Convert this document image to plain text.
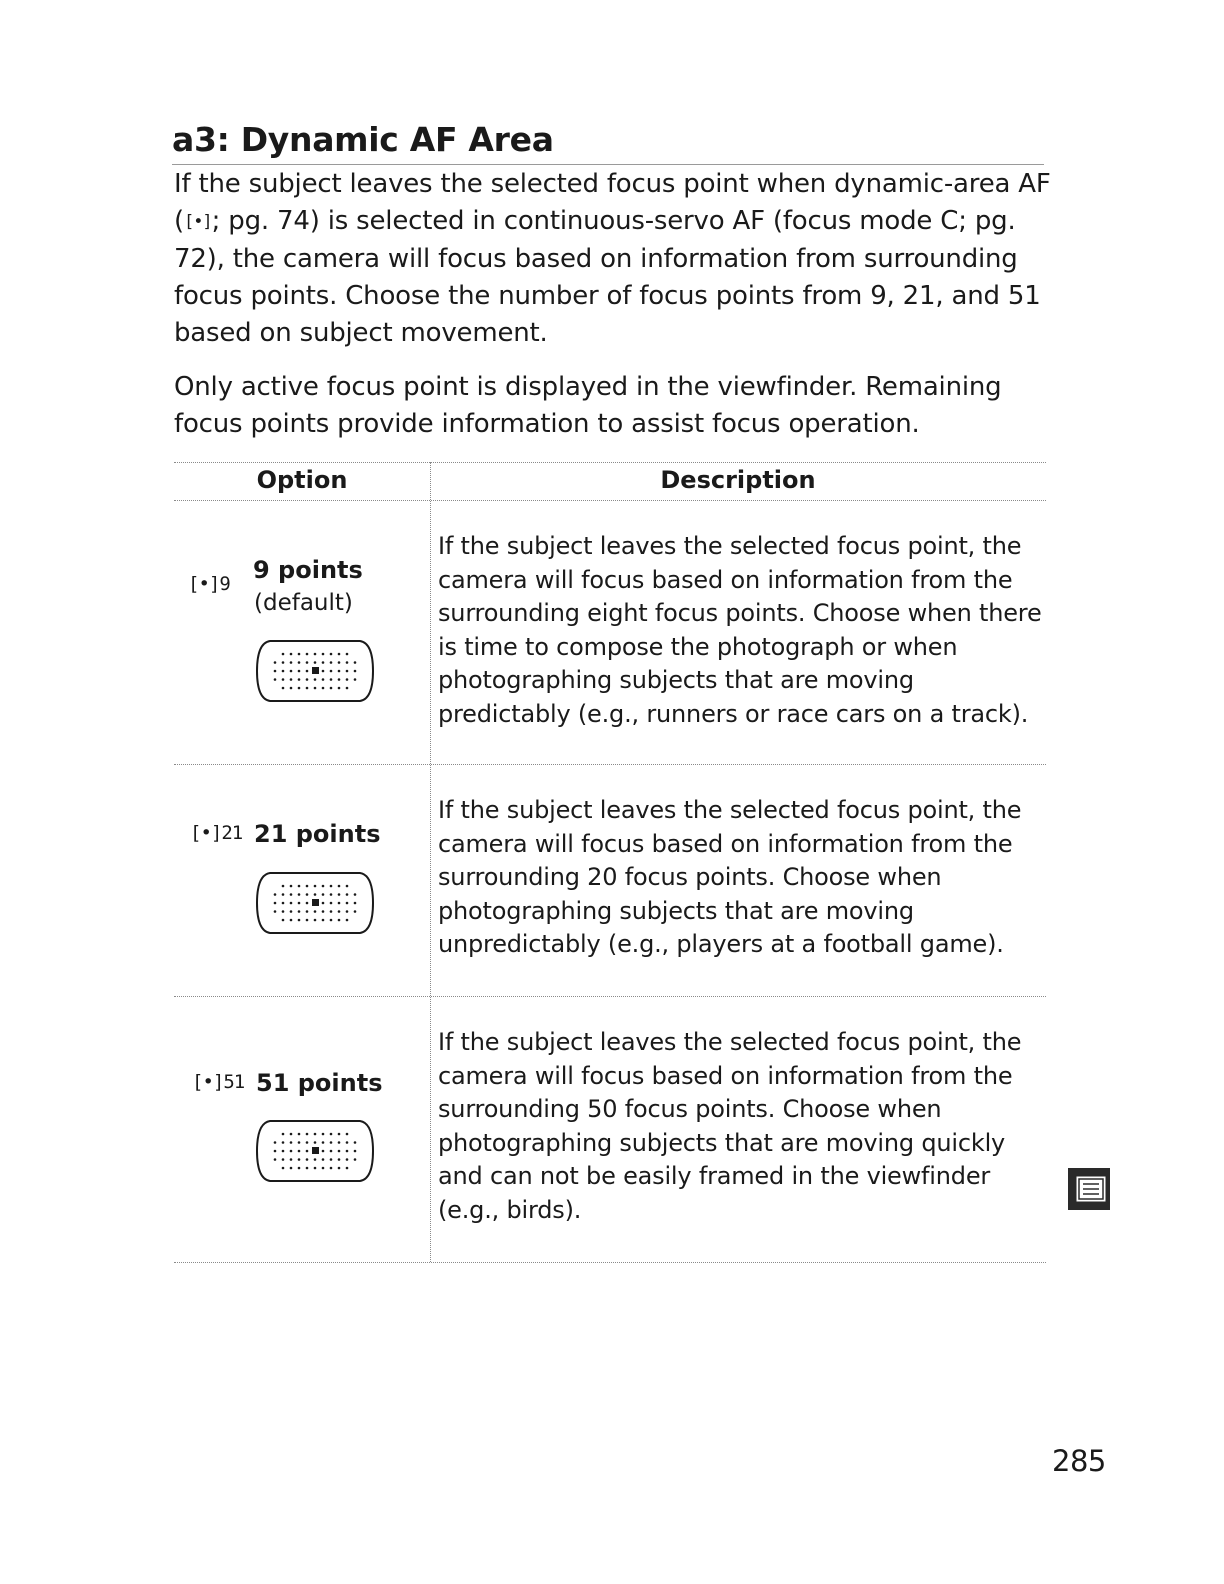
a3: Dynamic AF Area

If the subject leaves the selected focus point when dynamic-area AF ([•]; pg. 74) is selected in continuous-servo AF (focus mode C; pg. 72), the camera will focus based on information from surrounding focus points. Choose the number of focus points from 9, 21, and 51 based on subject movement.

Only active focus point is displayed in the viewfinder. Remaining focus points provide information to assist focus operation.

Option	Description
[•]9 9 points
(default)

If the subject leaves the selected focus point, the camera will focus based on information from the surrounding eight focus points. Choose when there is time to compose the photograph or when photographing subjects that are moving predictably (e.g., runners or race cars on a track).

[•]21 21 points

If the subject leaves the selected focus point, the camera will focus based on information from the surrounding 20 focus points. Choose when photographing subjects that are moving unpredictably (e.g., players at a football game).

[•]51 51 points

If the subject leaves the selected focus point, the camera will focus based on information from the surrounding 50 focus points. Choose when photographing subjects that are moving quickly and can not be easily framed in the viewfinder (e.g., birds).

285
